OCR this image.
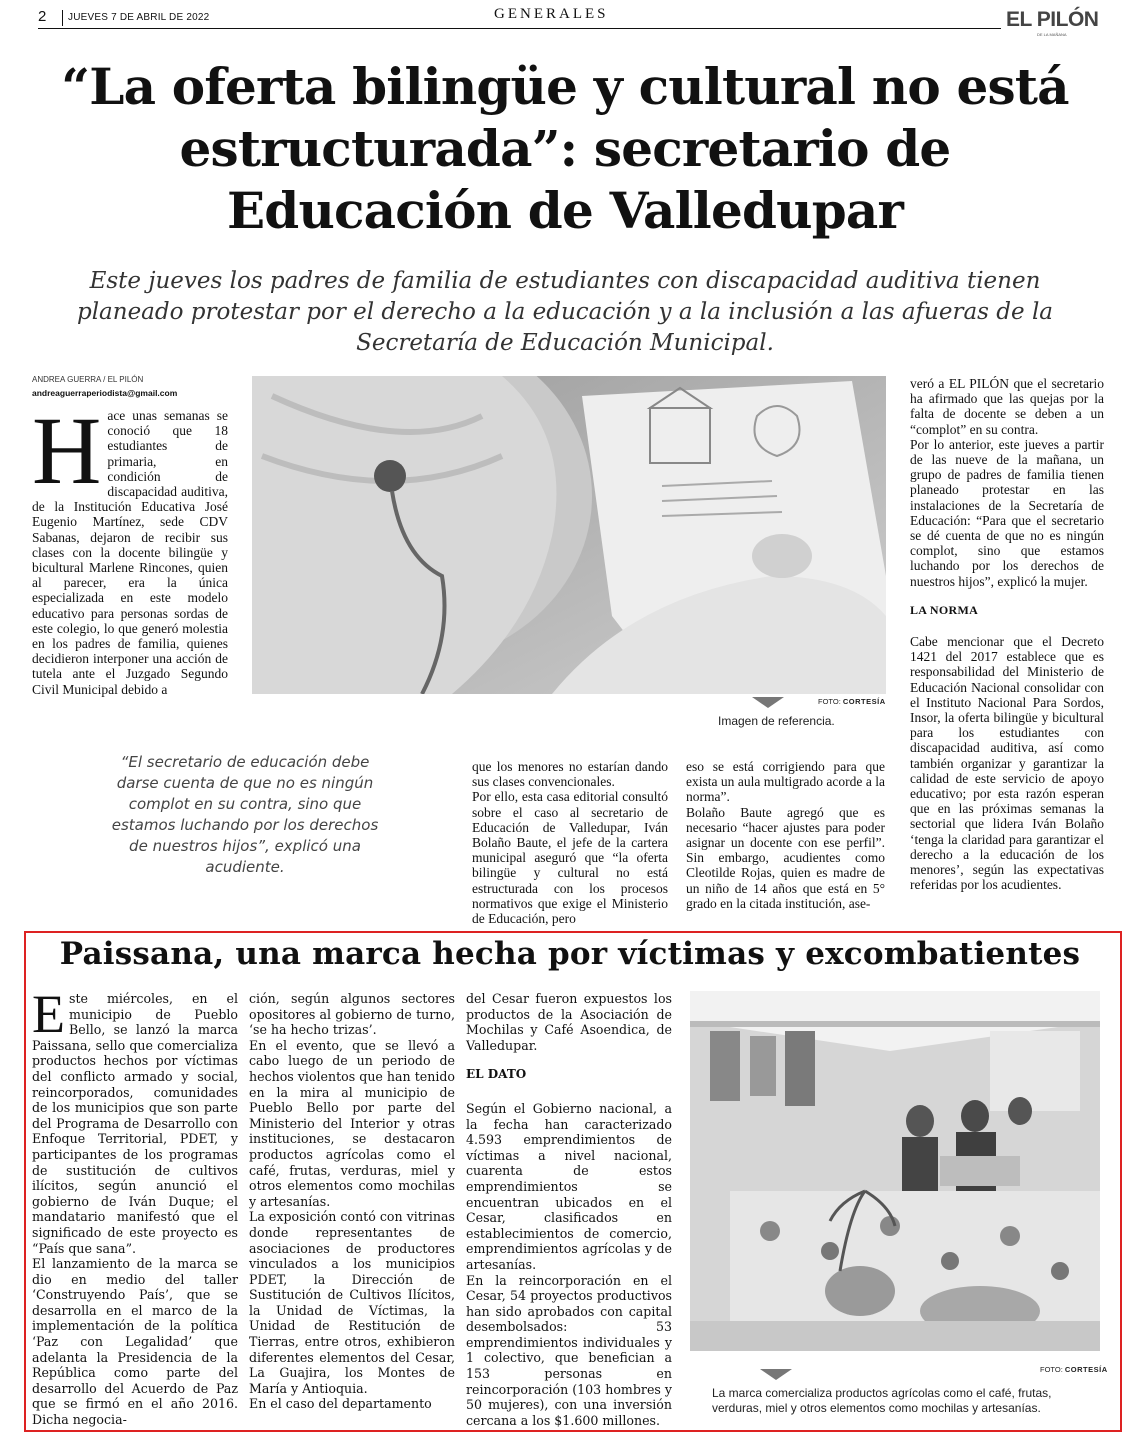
2 JUEVES 7 DE ABRIL DE 2022	GENERALES	EL PILÓN
DE LA MAÑANA
“La oferta bilingüe y cultural no está estructurada”: secretario de Educación de Valledupar
Este jueves los padres de familia de estudiantes con discapacidad auditiva tienen planeado protestar por el derecho a la educación y a la inclusión a las afueras de la Secretaría de Educación Municipal.
ANDREA GUERRA / EL PILÓN
andreaguerraperiodista@gmail.com
H ace unas semanas se conoció que 18 estudiantes de primaria, en condición de discapacidad auditiva, de la Institución Educativa José Eugenio Martínez, sede CDV Sabanas, dejaron de recibir sus clases con la docente bilingüe y bicultural Marlene Rincones, quien al parecer, era la única especializada en este modelo educativo para personas sordas de este colegio, lo que generó molestia en los padres de familia, quienes decidieron interponer una acción de tutela ante el Juzgado Segundo Civil Municipal debido a
FOTO: CORTESÍA
Imagen de referencia.
“El secretario de educación debe darse cuenta de que no es ningún complot en su contra, sino que estamos luchando por los derechos de nuestros hijos”, explicó una acudiente.

que los menores no estarían dando sus clases convencionales.
Por ello, esta casa editorial consultó sobre el caso al secretario de Educación de Valledupar, Iván Bolaño Baute, el jefe de la cartera municipal aseguró que “la oferta bilingüe y cultural no está estructurada con los procesos normativos que exige el Ministerio de Educación, pero

eso se está corrigiendo para que exista un aula multigrado acorde a la norma”.
Bolaño Baute agregó que es necesario “hacer ajustes para poder asignar un docente con ese perfil”. Sin embargo, acudientes como Cleotilde Rojas, quien es madre de un niño de 14 años que está en 5° grado en la citada institución, ase-

veró a EL PILÓN que el secretario ha afirmado que las quejas por la falta de docente se deben a un “complot” en su contra.

Por lo anterior, este jueves a partir de las nueve de la mañana, un grupo de padres de familia tienen planeado protestar en las instalaciones de la Secretaría de Educación: “Para que el secretario se dé cuenta de que no es ningún complot, sino que estamos luchando por los derechos de nuestros hijos”, explicó la mujer.

LA NORMA

Cabe mencionar que el Decreto 1421 del 2017 establece que es responsabilidad del Ministerio de Educación Nacional consolidar con el Instituto Nacional Para Sordos, Insor, la oferta bilingüe y bicultural para los estudiantes con discapacidad auditiva, así como también organizar y garantizar la calidad de este servicio de apoyo educativo; por esta razón esperan que en las próximas semanas la sectorial que lidera Iván Bolaño ‘tenga la claridad para garantizar el derecho a la educación de los menores’, según las expectativas referidas por los acudientes.

Paissana, una marca hecha por víctimas y excombatientes

E ste miércoles, en el municipio de Pueblo Bello, se lanzó la marca Paissana, sello que comercializa productos hechos por víctimas del conflicto armado y social, reincorporados, comunidades de los municipios que son parte del Programa de Desarrollo con Enfoque Territorial, PDET, y participantes de los programas de sustitución de cultivos ilícitos, según anunció el gobierno de Iván Duque; el mandatario manifestó que el significado de este proyecto es “País que sana”.

El lanzamiento de la marca se dio en medio del taller ‘Construyendo País’, que se desarrolla en el marco de la implementación de la política ‘Paz con Legalidad’ que adelanta la Presidencia de la República como parte del desarrollo del Acuerdo de Paz que se firmó en el año 2016. Dicha negocia-

ción, según algunos sectores opositores al gobierno de turno, ‘se ha hecho trizas’.

En el evento, que se llevó a cabo luego de un periodo de hechos violentos que han tenido en la mira al municipio de Pueblo Bello por parte del Ministerio del Interior y otras instituciones, se destacaron productos agrícolas como el café, frutas, verduras, miel y otros elementos como mochilas y artesanías.

La exposición contó con vitrinas donde representantes de asociaciones de productores vinculados a los municipios PDET, la Dirección de Sustitución de Cultivos Ilícitos, la Unidad de Víctimas, la Unidad de Restitución de Tierras, entre otros, exhibieron diferentes elementos del Cesar, La Guajira, los Montes de María y Antioquia.

En el caso del departamento

del Cesar fueron expuestos los productos de la Asociación de Mochilas y Café Asoendica, de Valledupar.

EL DATO

Según el Gobierno nacional, a la fecha han caracterizado 4.593 emprendimientos de víctimas a nivel nacional, cuarenta de estos emprendimientos se encuentran ubicados en el Cesar, clasificados en establecimientos de comercio, emprendimientos agrícolas y de artesanías.

En la reincorporación en el Cesar, 54 proyectos productivos han sido aprobados con capital desembolsados: 53 emprendimientos individuales y 1 colectivo, que benefician a 153 personas en reincorporación (103 hombres y 50 mujeres), con una inversión cercana a los $1.600 millones.

FOTO: CORTESÍA
La marca comercializa productos agrícolas como el café, frutas, verduras, miel y otros elementos como mochilas y artesanías.
